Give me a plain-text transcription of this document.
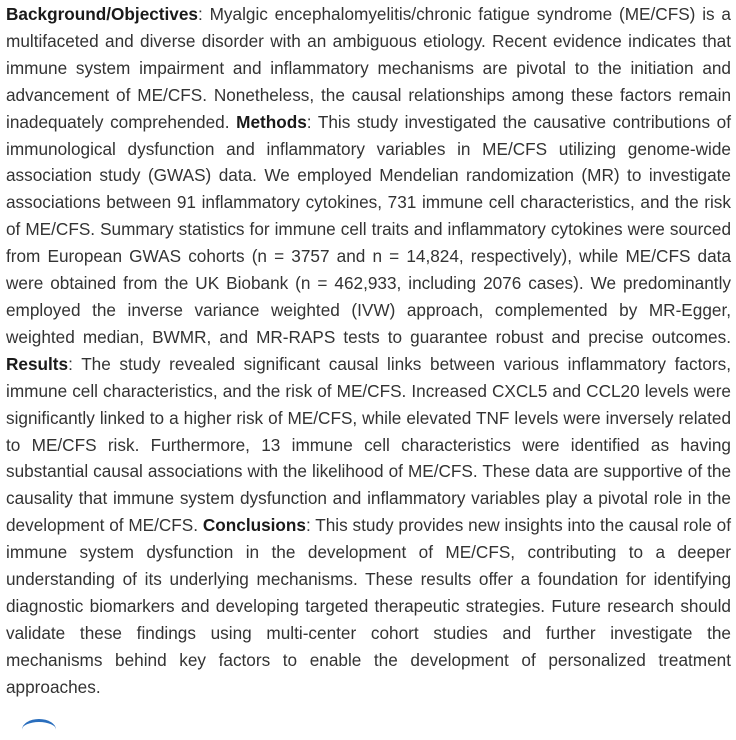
Background/Objectives: Myalgic encephalomyelitis/chronic fatigue syndrome (ME/CFS) is a multifaceted and diverse disorder with an ambiguous etiology. Recent evidence indicates that immune system impairment and inflammatory mechanisms are pivotal to the initiation and advancement of ME/CFS. Nonetheless, the causal relationships among these factors remain inadequately comprehended. Methods: This study investigated the causative contributions of immunological dysfunction and inflammatory variables in ME/CFS utilizing genome-wide association study (GWAS) data. We employed Mendelian randomization (MR) to investigate associations between 91 inflammatory cytokines, 731 immune cell characteristics, and the risk of ME/CFS. Summary statistics for immune cell traits and inflammatory cytokines were sourced from European GWAS cohorts (n = 3757 and n = 14,824, respectively), while ME/CFS data were obtained from the UK Biobank (n = 462,933, including 2076 cases). We predominantly employed the inverse variance weighted (IVW) approach, complemented by MR-Egger, weighted median, BWMR, and MR-RAPS tests to guarantee robust and precise outcomes. Results: The study revealed significant causal links between various inflammatory factors, immune cell characteristics, and the risk of ME/CFS. Increased CXCL5 and CCL20 levels were significantly linked to a higher risk of ME/CFS, while elevated TNF levels were inversely related to ME/CFS risk. Furthermore, 13 immune cell characteristics were identified as having substantial causal associations with the likelihood of ME/CFS. These data are supportive of the causality that immune system dysfunction and inflammatory variables play a pivotal role in the development of ME/CFS. Conclusions: This study provides new insights into the causal role of immune system dysfunction in the development of ME/CFS, contributing to a deeper understanding of its underlying mechanisms. These results offer a foundation for identifying diagnostic biomarkers and developing targeted therapeutic strategies. Future research should validate these findings using multi-center cohort studies and further investigate the mechanisms behind key factors to enable the development of personalized treatment approaches.
